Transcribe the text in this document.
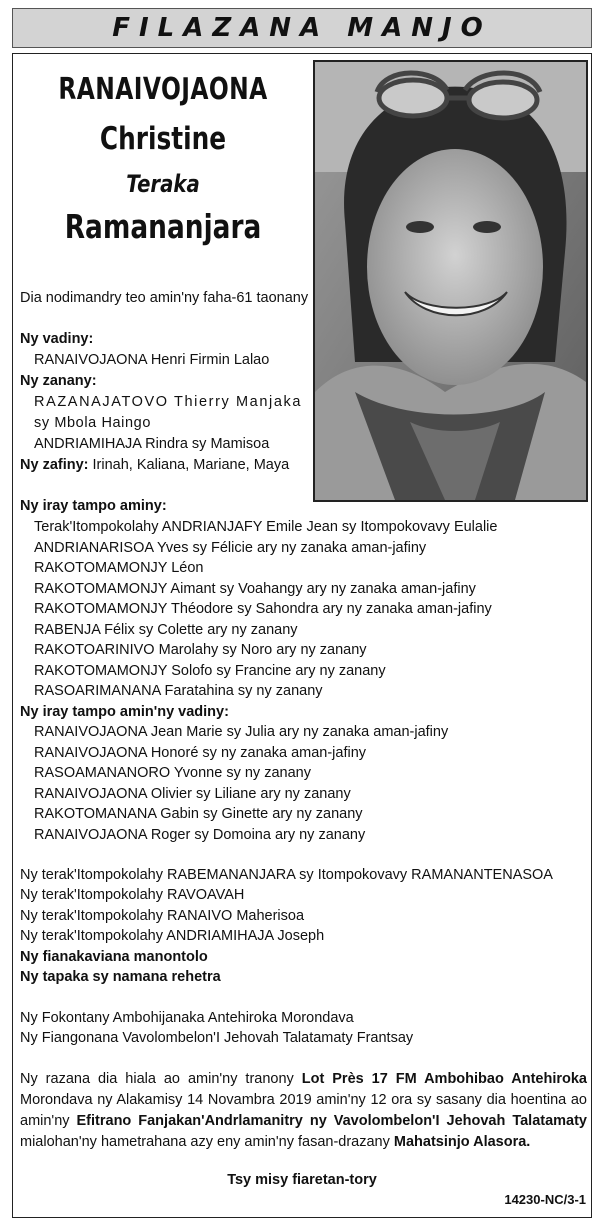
FILAZANA MANJO
RANAIVOJAONA
Christine
Teraka
Ramananjara
Dia nodimandry teo amin'ny faha-61 taonany
Ny vadiny:
RANAIVOJAONA Henri Firmin Lalao
Ny zanany:
RAZANAJATOVO Thierry Manjaka
sy Mbola Haingo
ANDRIAMIHAJA Rindra sy Mamisoa
Ny zafiny: Irinah, Kaliana, Mariane, Maya
Ny iray tampo aminy:
Terak'Itompokolahy ANDRIANJAFY Emile Jean sy Itompokovavy Eulalie
ANDRIANARISOA Yves sy Félicie ary ny zanaka aman-jafiny
RAKOTOMAMONJY Léon
RAKOTOMAMONJY Aimant sy Voahangy ary ny zanaka aman-jafiny
RAKOTOMAMONJY Théodore sy Sahondra ary ny zanaka aman-jafiny
RABENJA Félix sy Colette ary ny zanany
RAKOTOARINIVO Marolahy sy Noro ary ny zanany
RAKOTOMAMONJY Solofo sy Francine ary ny zanany
RASOARIMANANA Faratahina sy ny zanany
Ny iray tampo amin'ny vadiny:
RANAIVOJAONA Jean Marie sy Julia ary ny zanaka aman-jafiny
RANAIVOJAONA Honoré sy ny zanaka aman-jafiny
RASOAMANANORO Yvonne sy ny zanany
RANAIVOJAONA Olivier sy Liliane ary ny zanany
RAKOTOMANANA Gabin sy Ginette ary ny zanany
RANAIVOJAONA Roger sy Domoina ary ny zanany
Ny terak'Itompokolahy RABEMANANJARA sy Itompokovavy RAMANANTENASOA
Ny terak'Itompokolahy RAVOAVAH
Ny terak'Itompokolahy RANAIVO Maherisoa
Ny terak'Itompokolahy ANDRIAMIHAJA Joseph
Ny fianakaviana manontolo
Ny tapaka sy namana rehetra
Ny Fokontany Ambohijanaka Antehiroka Morondava
Ny Fiangonana Vavolombelon'I Jehovah Talatamaty Frantsay
Ny razana dia hiala ao amin'ny tranony Lot Près 17 FM Ambohibao Antehiroka Morondava ny Alakamisy 14 Novambra 2019 amin'ny 12 ora sy sasany dia hoentina ao amin'ny Efitrano Fanjakan'Andrlamanitry ny Vavolombelon'I Jehovah Talatamaty mialohan'ny hametrahana azy eny amin'ny fasan-drazany Mahatsinjo Alasora.
Tsy misy fiaretan-tory
14230-NC/3-1
